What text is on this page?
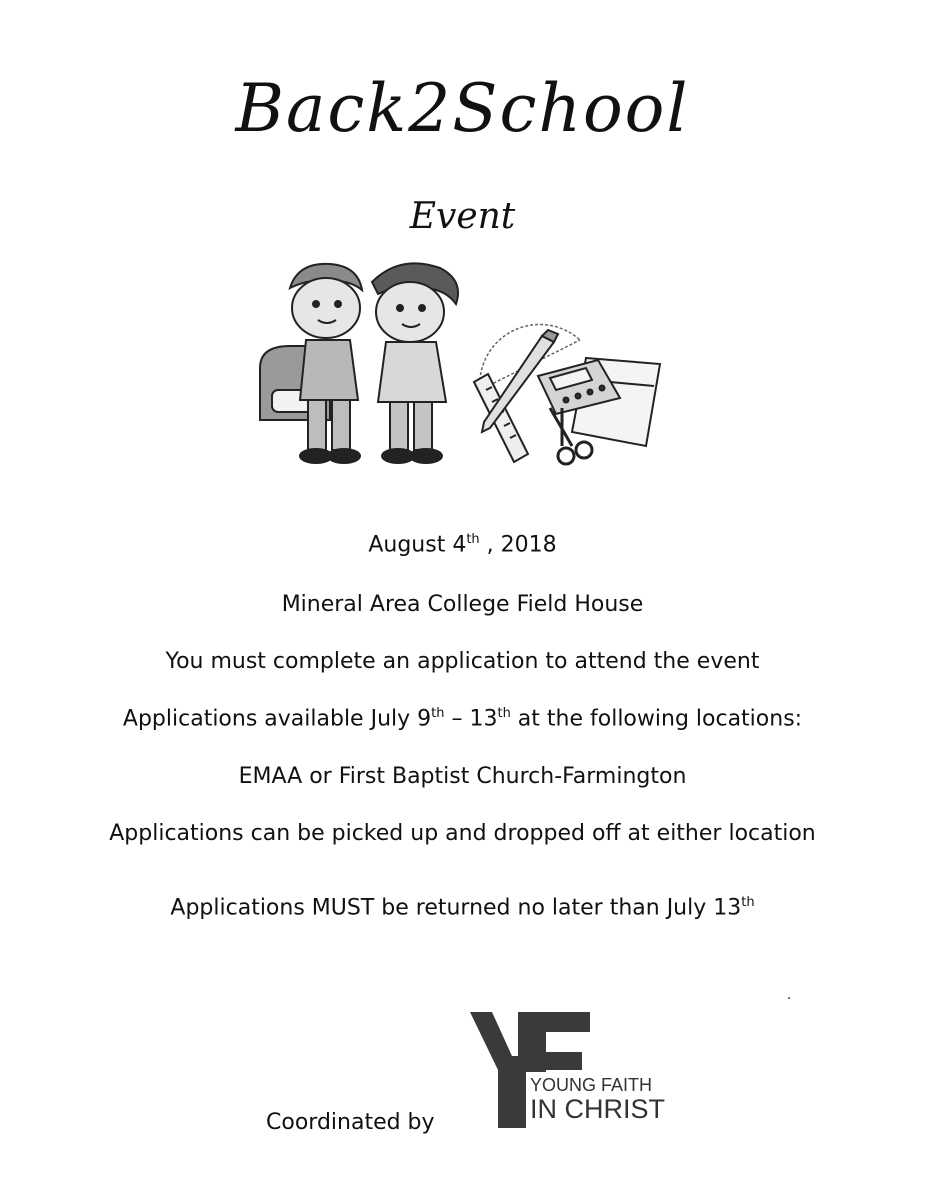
Back2School
Event
August 4th , 2018
Mineral Area College Field House
You must complete an application to attend the event
Applications available July 9th – 13th at the following locations:
EMAA or First Baptist Church-Farmington
Applications can be picked up and dropped off at either location
Applications MUST be returned no later than July 13th
Coordinated by
YOUNG FAITH
IN CHRIST
